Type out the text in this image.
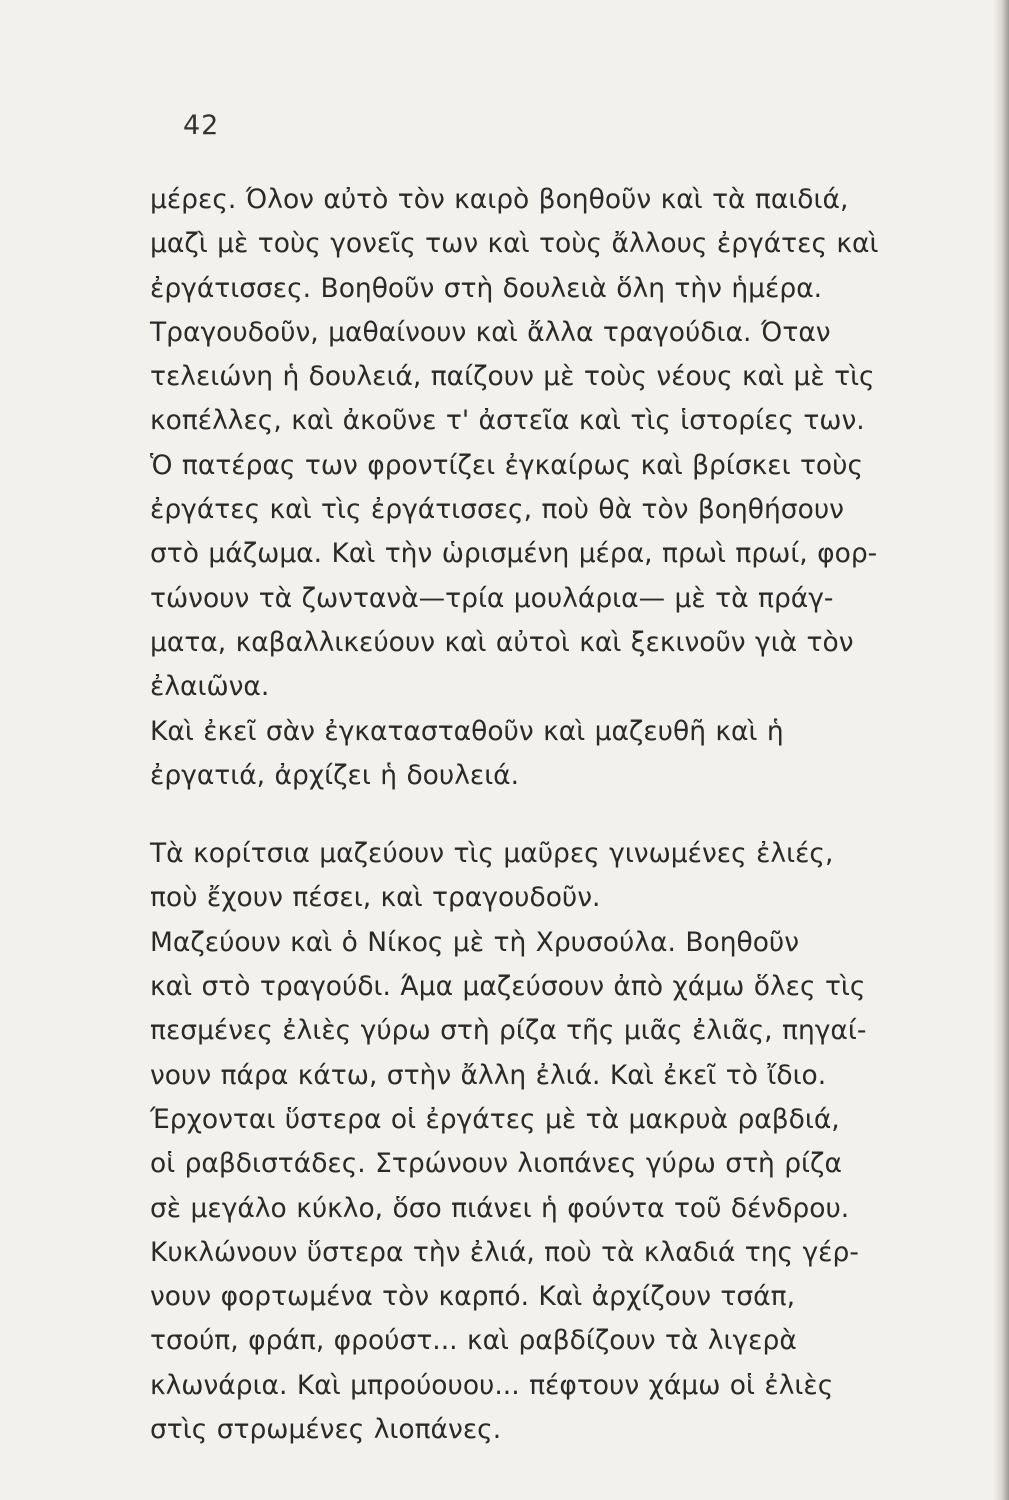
42
μέρες. Όλον αὐτὸ τὸν καιρὸ βοηθοῦν καὶ τὰ παιδιά,
μαζὶ μὲ τοὺς γονεῖς των καὶ τοὺς ἄλλους ἐργάτες καὶ
ἐργάτισσες. Βοηθοῦν στὴ δουλειὰ ὅλη τὴν ἡμέρα.
Τραγουδοῦν, μαθαίνουν καὶ ἄλλα τραγούδια. Όταν
τελειώνη ἡ δουλειά, παίζουν μὲ τοὺς νέους καὶ μὲ τὶς
κοπέλλες, καὶ ἀκοῦνε τ' ἀστεῖα καὶ τὶς ἱστορίες των.
Ὁ πατέρας των φροντίζει ἐγκαίρως καὶ βρίσκει τοὺς
ἐργάτες καὶ τὶς ἐργάτισσες, ποὺ θὰ τὸν βοηθήσουν
στὸ μάζωμα. Καὶ τὴν ὡρισμένη μέρα, πρωὶ πρωί, φορ-
τώνουν τὰ ζωντανὰ—τρία μουλάρια— μὲ τὰ πράγ-
ματα, καβαλλικεύουν καὶ αὐτοὶ καὶ ξεκινοῦν γιὰ τὸν
ἐλαιῶνα.
Καὶ ἐκεῖ σὰν ἐγκατασταθοῦν καὶ μαζευθῆ καὶ ἡ
ἐργατιά, ἀρχίζει ἡ δουλειά.
Τὰ κορίτσια μαζεύουν τὶς μαῦρες γινωμένες ἐλιές,
ποὺ ἔχουν πέσει, καὶ τραγουδοῦν.
Μαζεύουν καὶ ὁ Νίκος μὲ τὴ Χρυσούλα. Βοηθοῦν
καὶ στὸ τραγούδι. Άμα μαζεύσουν ἀπὸ χάμω ὅλες τὶς
πεσμένες ἐλιὲς γύρω στὴ ρίζα τῆς μιᾶς ἐλιᾶς, πηγαί-
νουν πάρα κάτω, στὴν ἄλλη ἐλιά. Καὶ ἐκεῖ τὸ ἴδιο.
Έρχονται ὕστερα οἱ ἐργάτες μὲ τὰ μακρυὰ ραβδιά,
οἱ ραβδιστάδες. Στρώνουν λιοπάνες γύρω στὴ ρίζα
σὲ μεγάλο κύκλο, ὅσο πιάνει ἡ φούντα τοῦ δένδρου.
Κυκλώνουν ὕστερα τὴν ἐλιά, ποὺ τὰ κλαδιά της γέρ-
νουν φορτωμένα τὸν καρπό. Καὶ ἀρχίζουν τσάπ,
τσούπ, φράπ, φρούστ... καὶ ραβδίζουν τὰ λιγερὰ
κλωνάρια. Καὶ μπρούουου... πέφτουν χάμω οἱ ἐλιὲς
στὶς στρωμένες λιοπάνες.
